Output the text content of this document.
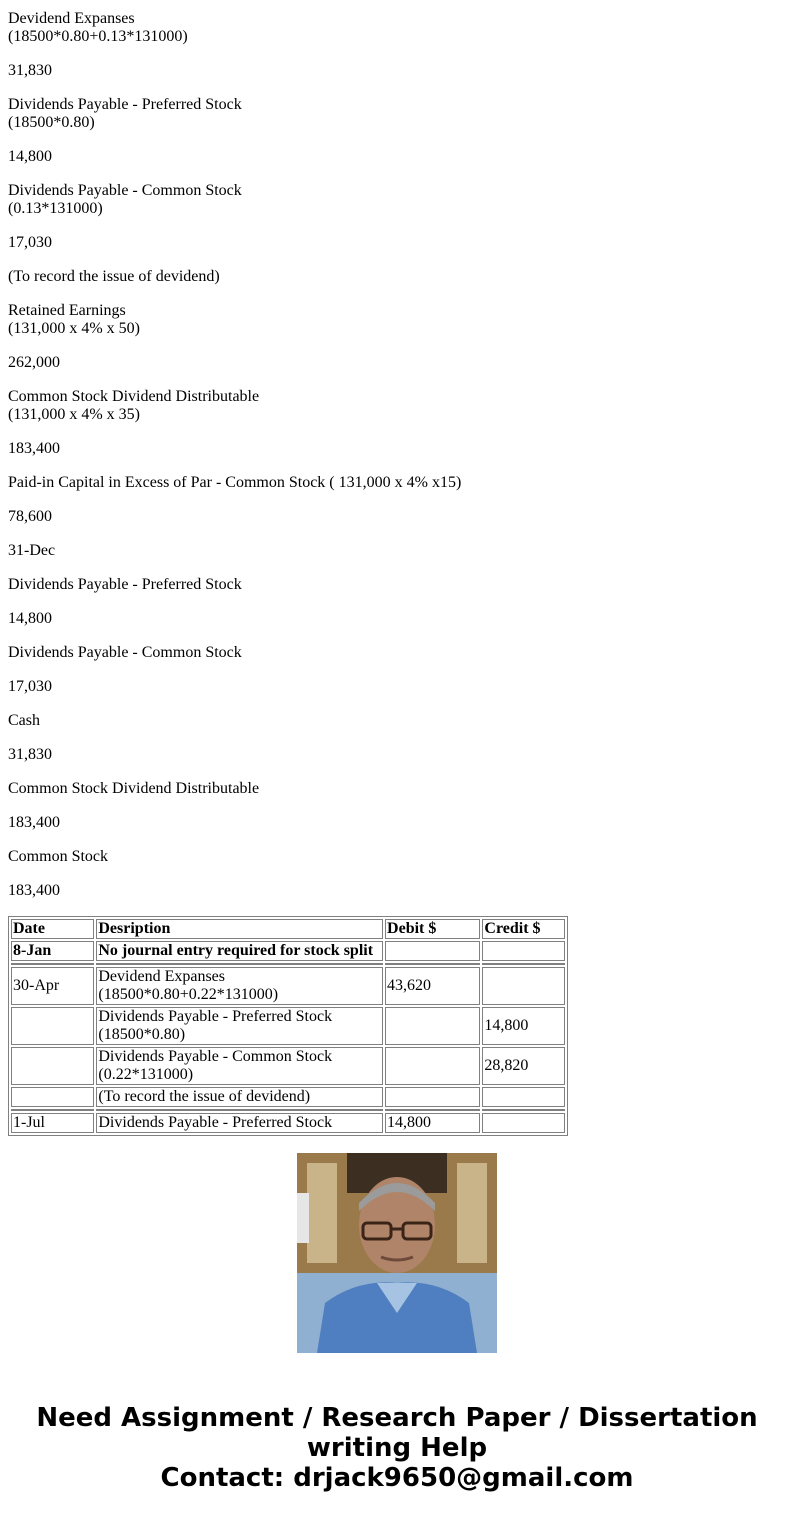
Devidend Expanses
(18500*0.80+0.13*131000)

31,830

Dividends Payable - Preferred Stock
(18500*0.80)

14,800

Dividends Payable - Common Stock
(0.13*131000)

17,030

(To record the issue of devidend)

Retained Earnings
(131,000 x 4% x 50)

262,000

Common Stock Dividend Distributable
(131,000 x 4% x 35)

183,400

Paid-in Capital in Excess of Par - Common Stock ( 131,000 x 4% x15)

78,600

31-Dec

Dividends Payable - Preferred Stock

14,800

Dividends Payable - Common Stock

17,030

Cash

31,830

Common Stock Dividend Distributable

183,400

Common Stock

183,400

Date	Desription	Debit $	Credit $
8-Jan	No journal entry required for stock split		

30-Apr	Devidend Expanses
(18500*0.80+0.22*131000)	43,620	
	Dividends Payable - Preferred Stock
(18500*0.80)		14,800
	Dividends Payable - Common Stock
(0.22*131000)		28,820
	(To record the issue of devidend)		

1-Jul	Dividends Payable - Preferred Stock	14,800	
Need Assignment / Research Paper / Dissertation
writing Help
Contact: drjack9650@gmail.com
